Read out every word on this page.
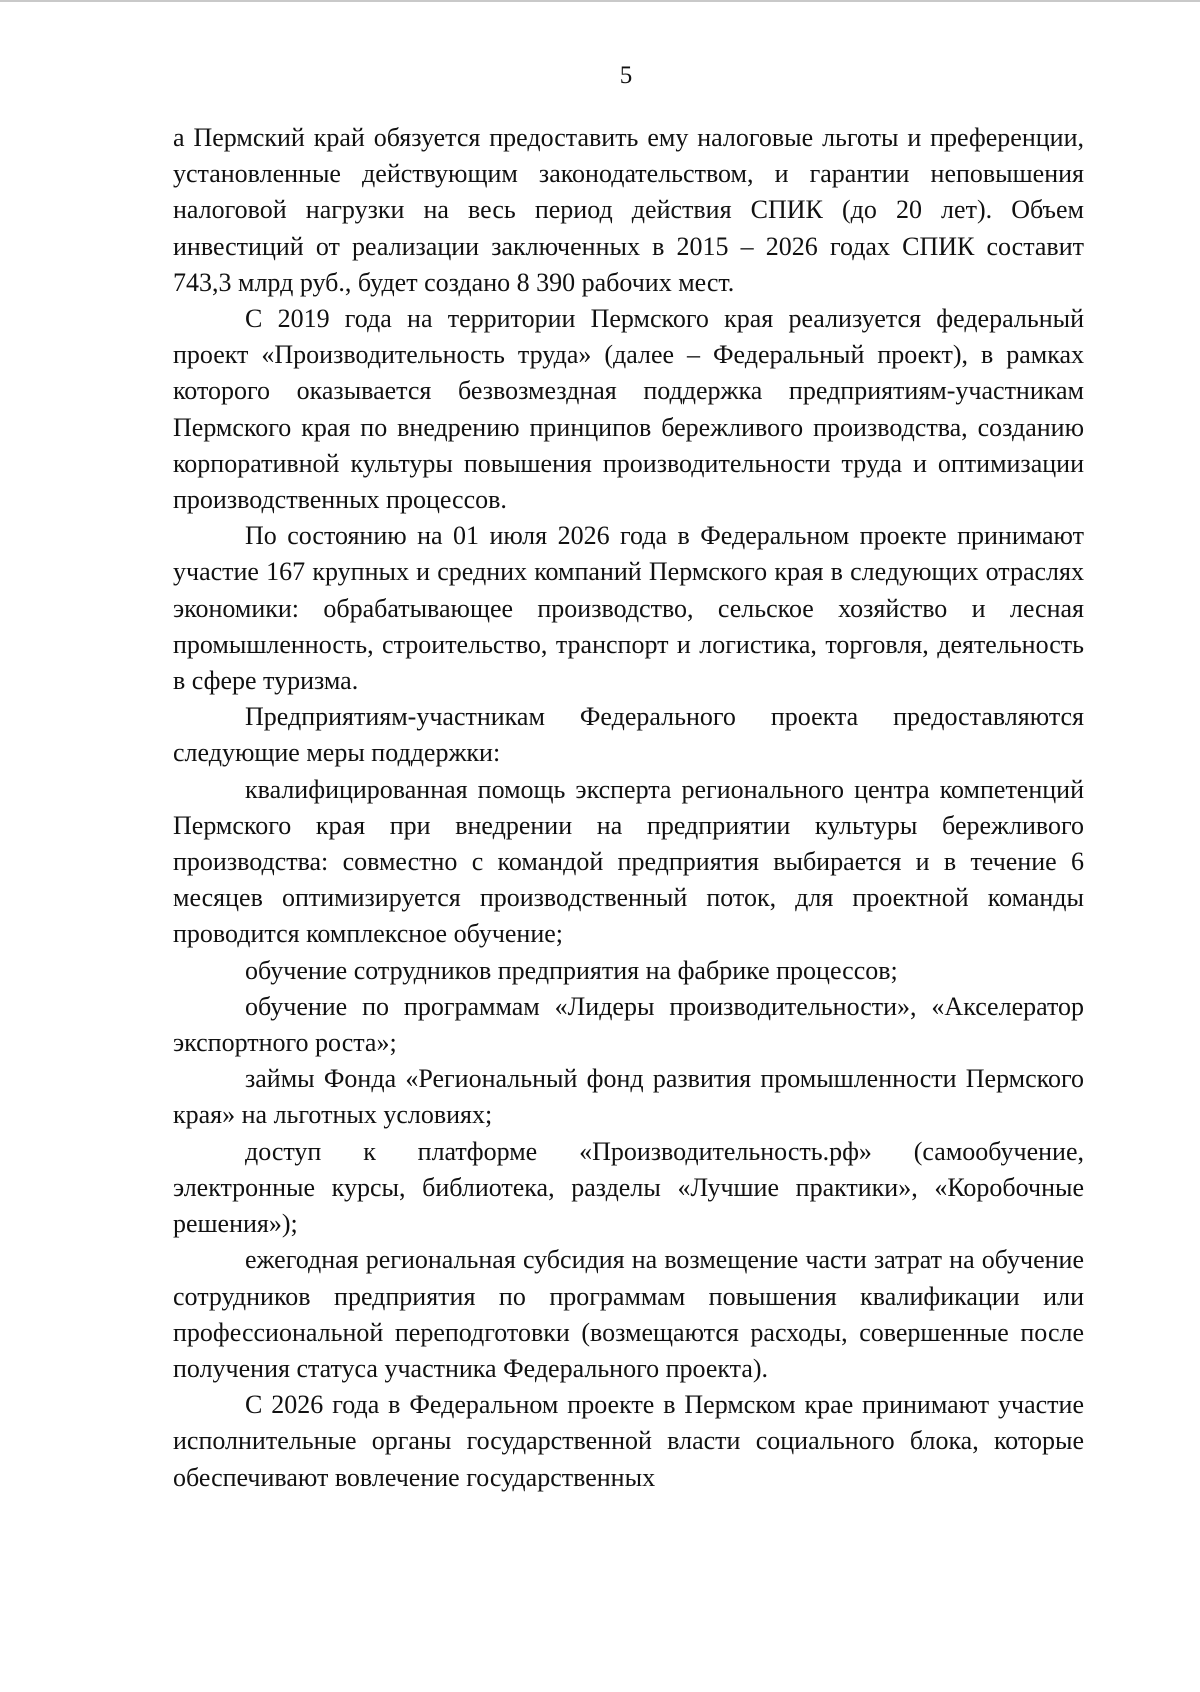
5

а Пермский край обязуется предоставить ему налоговые льготы и преференции, установленные действующим законодательством, и гарантии неповышения налоговой нагрузки на весь период действия СПИК (до 20 лет). Объем инвестиций от реализации заключенных в 2015 – 2026 годах СПИК составит 743,3 млрд руб., будет создано 8 390 рабочих мест.

С 2019 года на территории Пермского края реализуется федеральный проект «Производительность труда» (далее – Федеральный проект), в рамках которого оказывается безвозмездная поддержка предприятиям-участникам Пермского края по внедрению принципов бережливого производства, созданию корпоративной культуры повышения производительности труда и оптимизации производственных процессов.

По состоянию на 01 июля 2026 года в Федеральном проекте принимают участие 167 крупных и средних компаний Пермского края в следующих отраслях экономики: обрабатывающее производство, сельское хозяйство и лесная промышленность, строительство, транспорт и логистика, торговля, деятельность в сфере туризма.

Предприятиям-участникам Федерального проекта предоставляются следующие меры поддержки:

квалифицированная помощь эксперта регионального центра компетенций Пермского края при внедрении на предприятии культуры бережливого производства: совместно с командой предприятия выбирается и в течение 6 месяцев оптимизируется производственный поток, для проектной команды проводится комплексное обучение;

обучение сотрудников предприятия на фабрике процессов;

обучение по программам «Лидеры производительности», «Акселератор экспортного роста»;

займы Фонда «Региональный фонд развития промышленности Пермского края» на льготных условиях;

доступ к платформе «Производительность.рф» (самообучение, электронные курсы, библиотека, разделы «Лучшие практики», «Коробочные решения»);

ежегодная региональная субсидия на возмещение части затрат на обучение сотрудников предприятия по программам повышения квалификации или профессиональной переподготовки (возмещаются расходы, совершенные после получения статуса участника Федерального проекта).

С 2026 года в Федеральном проекте в Пермском крае принимают участие исполнительные органы государственной власти социального блока, которые обеспечивают вовлечение государственных
